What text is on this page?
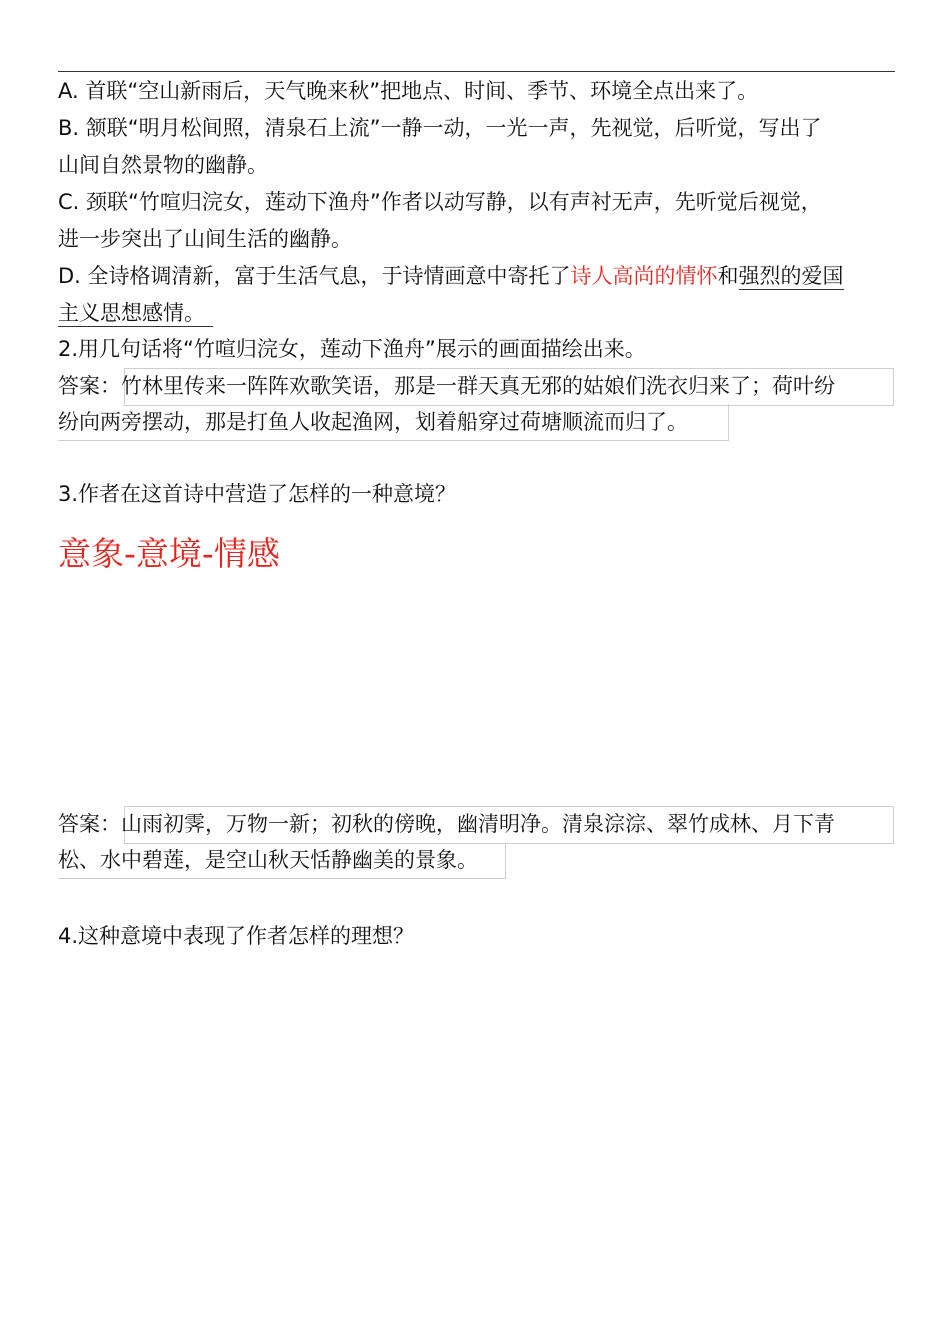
A. 首联“空山新雨后，天气晚来秋”把地点、时间、季节、环境全点出来了。
B. 颔联“明月松间照，清泉石上流”一静一动，一光一声，先视觉，后听觉，写出了
山间自然景物的幽静。
C. 颈联“竹喧归浣女，莲动下渔舟”作者以动写静，以有声衬无声，先听觉后视觉，
进一步突出了山间生活的幽静。
D. 全诗格调清新，富于生活气息，于诗情画意中寄托了诗人高尚的情怀和强烈的爱国
主义思想感情。
2.用几句话将“竹喧归浣女，莲动下渔舟”展示的画面描绘出来。
答案：竹林里传来一阵阵欢歌笑语，那是一群天真无邪的姑娘们洗衣归来了；荷叶纷
纷向两旁摆动，那是打鱼人收起渔网，划着船穿过荷塘顺流而归了。
3.作者在这首诗中营造了怎样的一种意境？
意象-意境-情感
答案：山雨初霁，万物一新；初秋的傍晚，幽清明净。清泉淙淙、翠竹成林、月下青
松、水中碧莲，是空山秋天恬静幽美的景象。
4.这种意境中表现了作者怎样的理想？
